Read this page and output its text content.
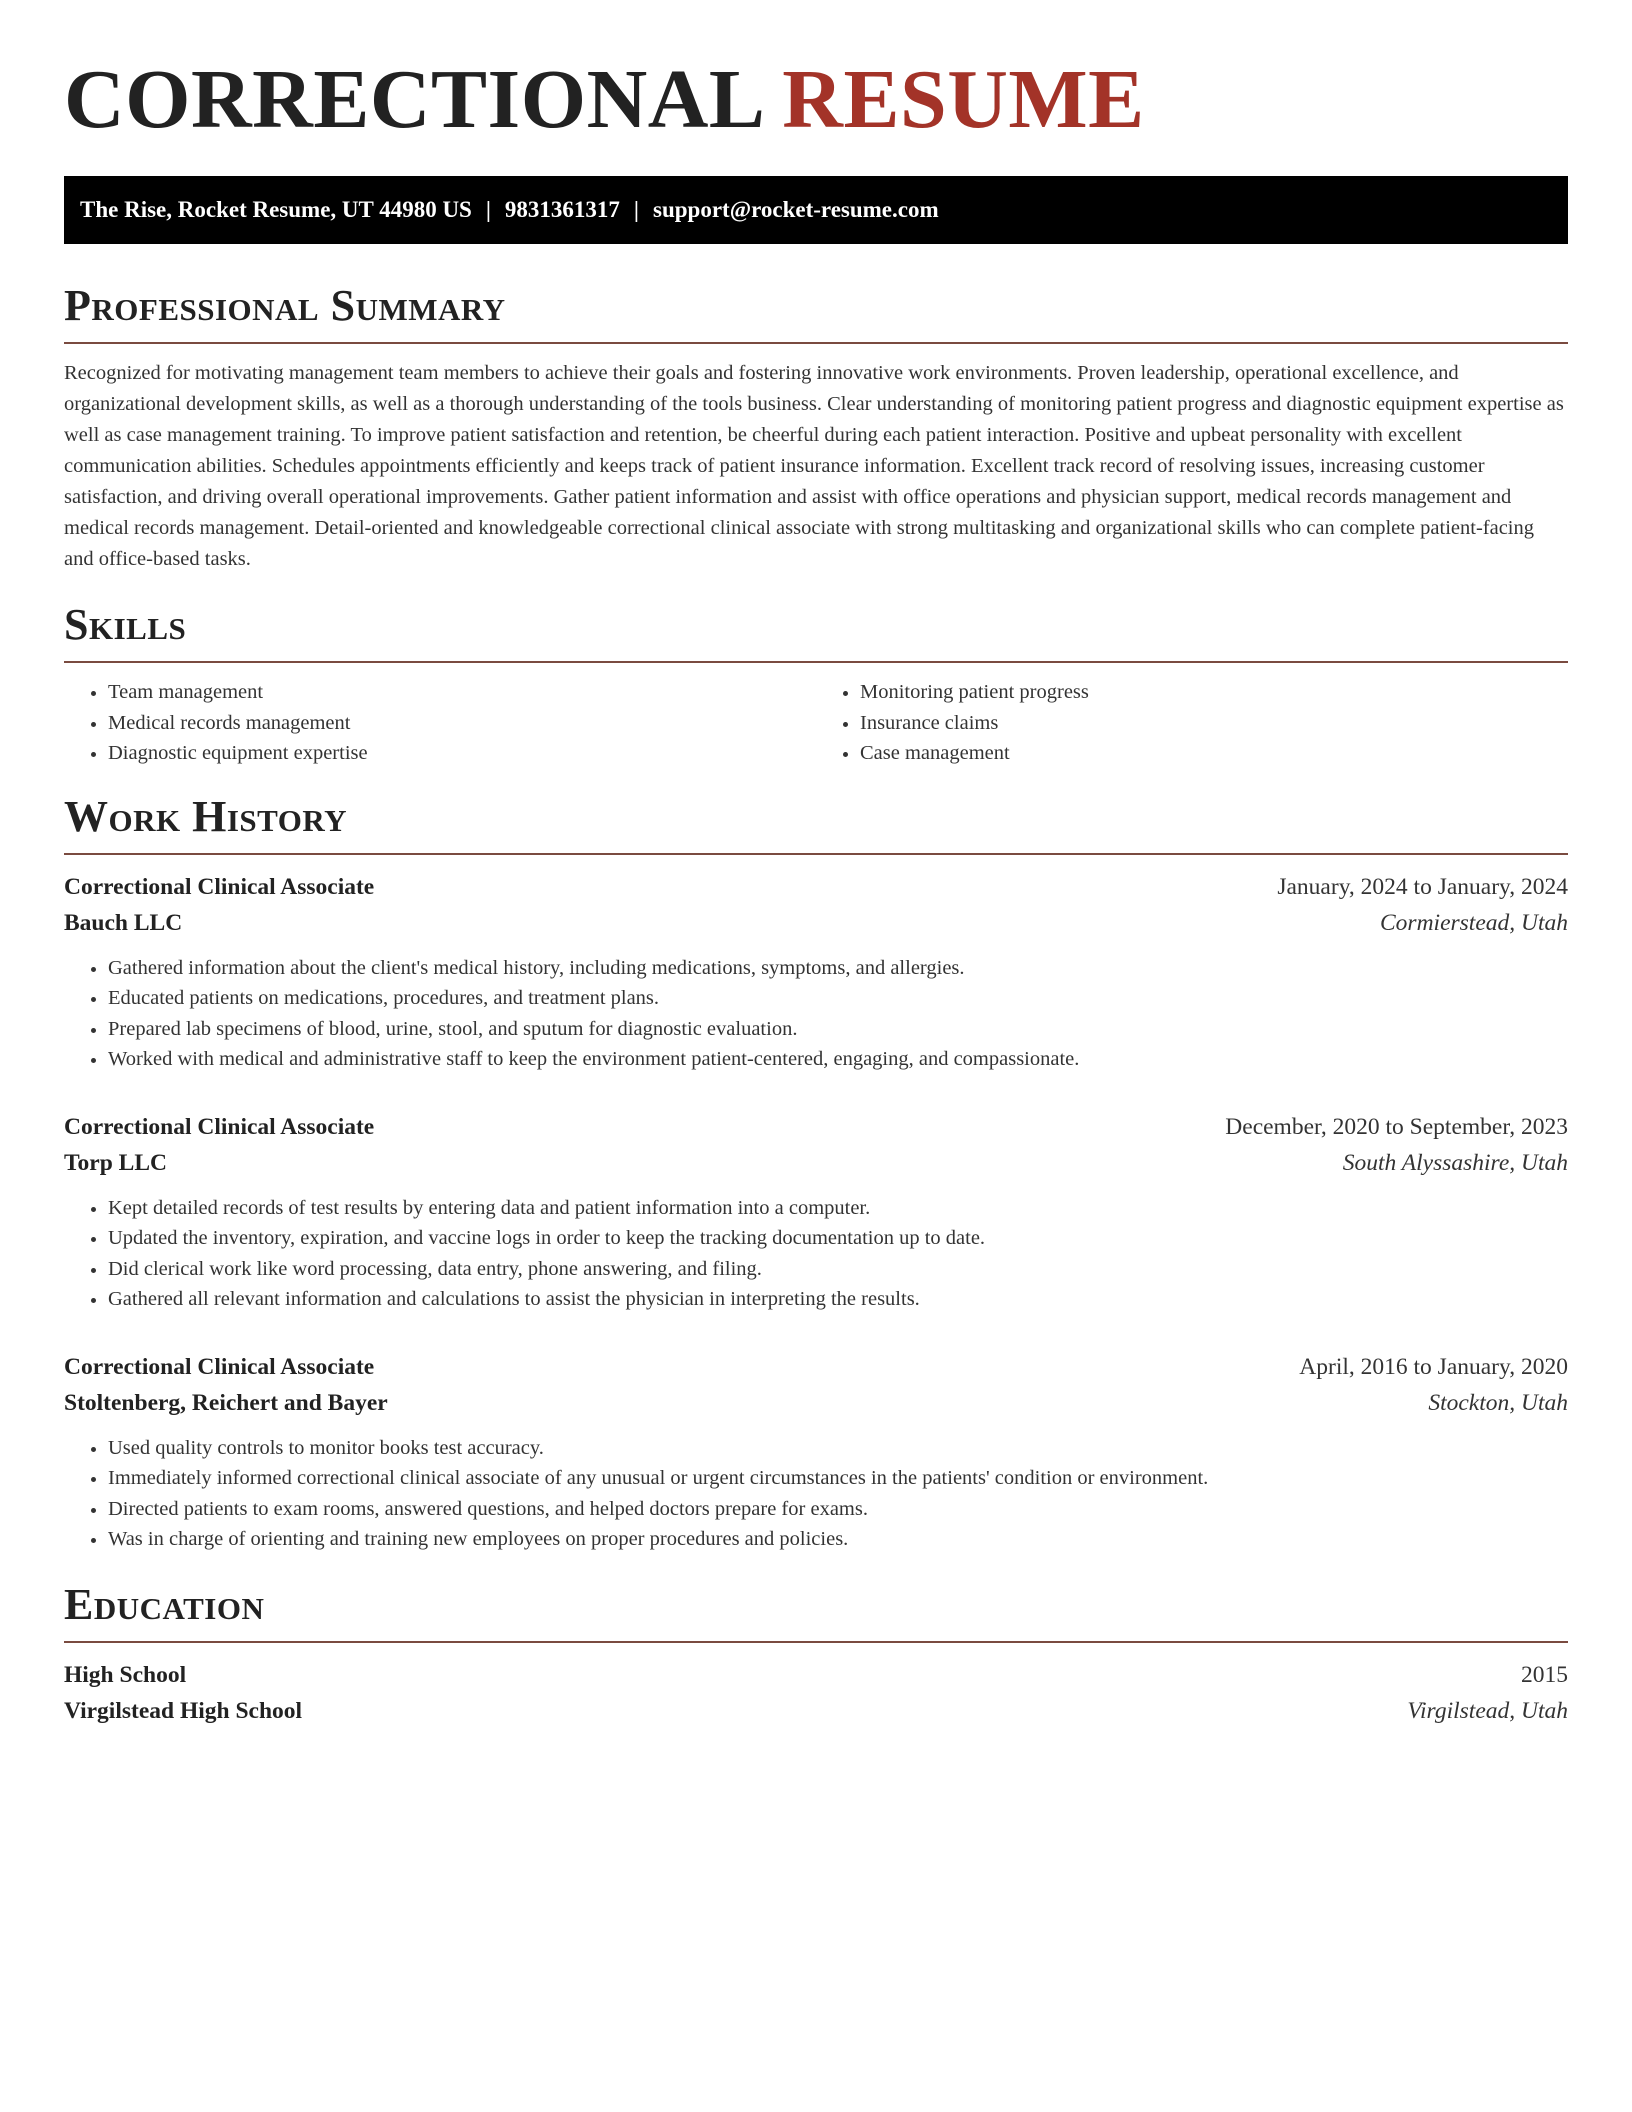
CORRECTIONAL RESUME
The Rise, Rocket Resume, UT 44980 US | 9831361317 | support@rocket-resume.com
Professional Summary

Recognized for motivating management team members to achieve their goals and fostering innovative work environments. Proven leadership, operational excellence, and organizational development skills, as well as a thorough understanding of the tools business. Clear understanding of monitoring patient progress and diagnostic equipment expertise as well as case management training. To improve patient satisfaction and retention, be cheerful during each patient interaction. Positive and upbeat personality with excellent communication abilities. Schedules appointments efficiently and keeps track of patient insurance information. Excellent track record of resolving issues, increasing customer satisfaction, and driving overall operational improvements. Gather patient information and assist with office operations and physician support, medical records management and medical records management. Detail-oriented and knowledgeable correctional clinical associate with strong multitasking and organizational skills who can complete patient-facing and office-based tasks.

Skills
• Team management
• Medical records management
• Diagnostic equipment expertise
• Monitoring patient progress
• Insurance claims
• Case management
Work History
Correctional Clinical Associate	January, 2024 to January, 2024
Bauch LLC	Cormierstead, Utah
• Gathered information about the client's medical history, including medications, symptoms, and allergies.
• Educated patients on medications, procedures, and treatment plans.
• Prepared lab specimens of blood, urine, stool, and sputum for diagnostic evaluation.
• Worked with medical and administrative staff to keep the environment patient-centered, engaging, and compassionate.
Correctional Clinical Associate	December, 2020 to September, 2023
Torp LLC	South Alyssashire, Utah
• Kept detailed records of test results by entering data and patient information into a computer.
• Updated the inventory, expiration, and vaccine logs in order to keep the tracking documentation up to date.
• Did clerical work like word processing, data entry, phone answering, and filing.
• Gathered all relevant information and calculations to assist the physician in interpreting the results.
Correctional Clinical Associate	April, 2016 to January, 2020
Stoltenberg, Reichert and Bayer	Stockton, Utah
• Used quality controls to monitor books test accuracy.
• Immediately informed correctional clinical associate of any unusual or urgent circumstances in the patients' condition or environment.
• Directed patients to exam rooms, answered questions, and helped doctors prepare for exams.
• Was in charge of orienting and training new employees on proper procedures and policies.
Education
High School	2015
Virgilstead High School	Virgilstead, Utah
